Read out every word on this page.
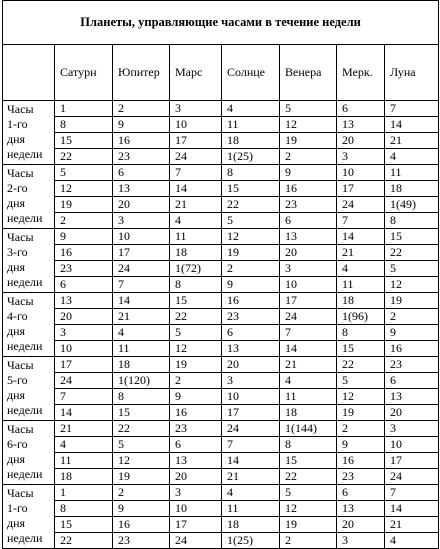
Планеты, управляющие часами в течение недели							
	Сатурн	Юпитер	Марс	Солнце	Венера	Мерк.	Луна

Часы
1-го
дня
недели	1	2	3	4	5	6	7
	8	9	10	11	12	13	14
	15	16	17	18	19	20	21
	22	23	24	1(25)	2	3	4

Часы
2-го
дня
недели	5	6	7	8	9	10	11
	12	13	14	15	16	17	18
	19	20	21	22	23	24	1(49)
	2	3	4	5	6	7	8

Часы
3-го
дня
недели	9	10	11	12	13	14	15
	16	17	18	19	20	21	22
	23	24	1(72)	2	3	4	5
	6	7	8	9	10	11	12

Часы
4-го
дня
недели	13	14	15	16	17	18	19
	20	21	22	23	24	1(96)	2
	3	4	5	6	7	8	9
	10	11	12	13	14	15	16

Часы
5-го
дня
недели	17	18	19	20	21	22	23
	24	1(120)	2	3	4	5	6
	7	8	9	10	11	12	13
	14	15	16	17	18	19	20

Часы
6-го
дня
недели	21	22	23	24	1(144)	2	3
	4	5	6	7	8	9	10
	11	12	13	14	15	16	17
	18	19	20	21	22	23	24

Часы
1-го
дня
недели	1	2	3	4	5	6	7
	8	9	10	11	12	13	14
	15	16	17	18	19	20	21
	22	23	24	1(25)	2	3	4
